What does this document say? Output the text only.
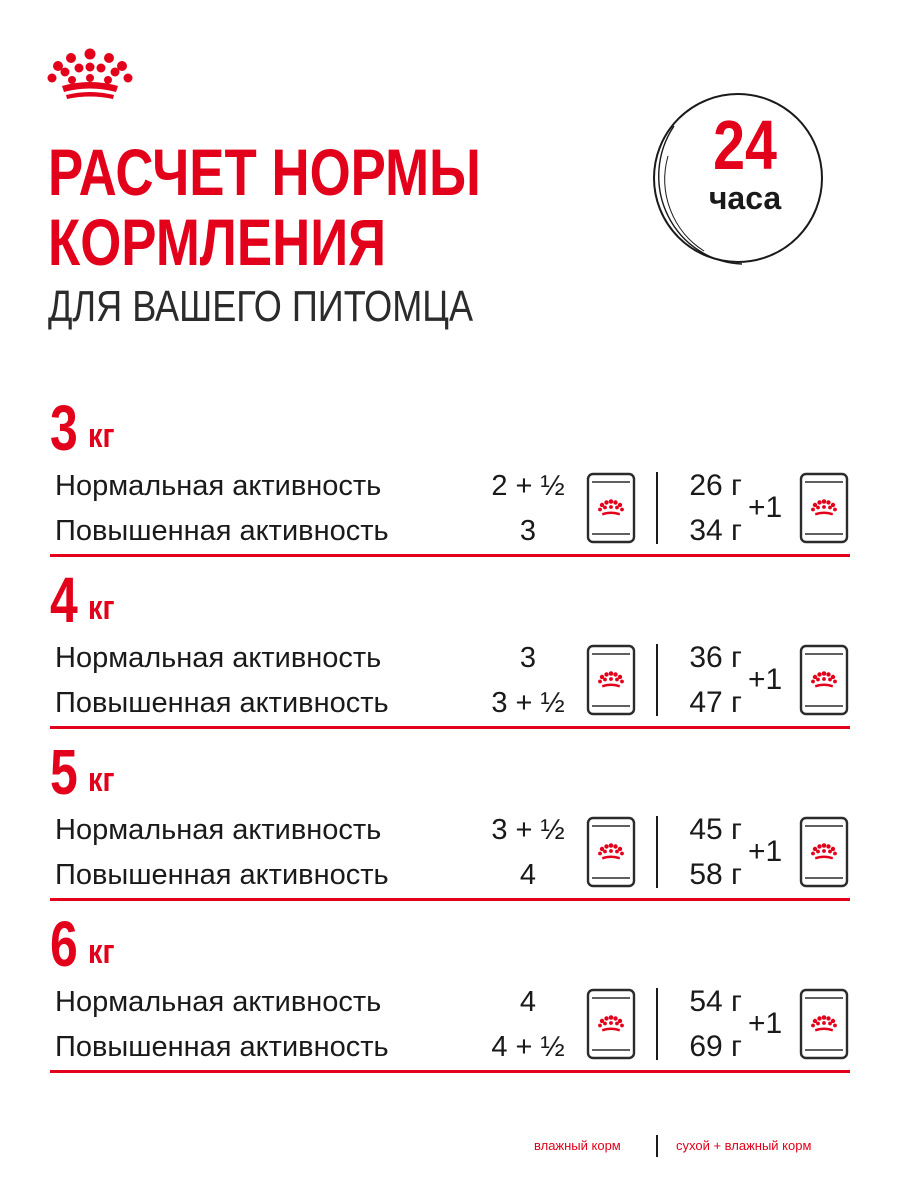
РАСЧЕТ НОРМЫ
КОРМЛЕНИЯ
ДЛЯ ВАШЕГО ПИТОМЦА
24
часа
3 кг
Нормальная активность
Повышенная активность
2 + ½
3
26 г
34 г
+1
4 кг
Нормальная активность
Повышенная активность
3
3 + ½
36 г
47 г
+1
5 кг
Нормальная активность
Повышенная активность
3 + ½
4
45 г
58 г
+1
6 кг
Нормальная активность
Повышенная активность
4
4 + ½
54 г
69 г
+1
влажный корм	сухой + влажный корм
